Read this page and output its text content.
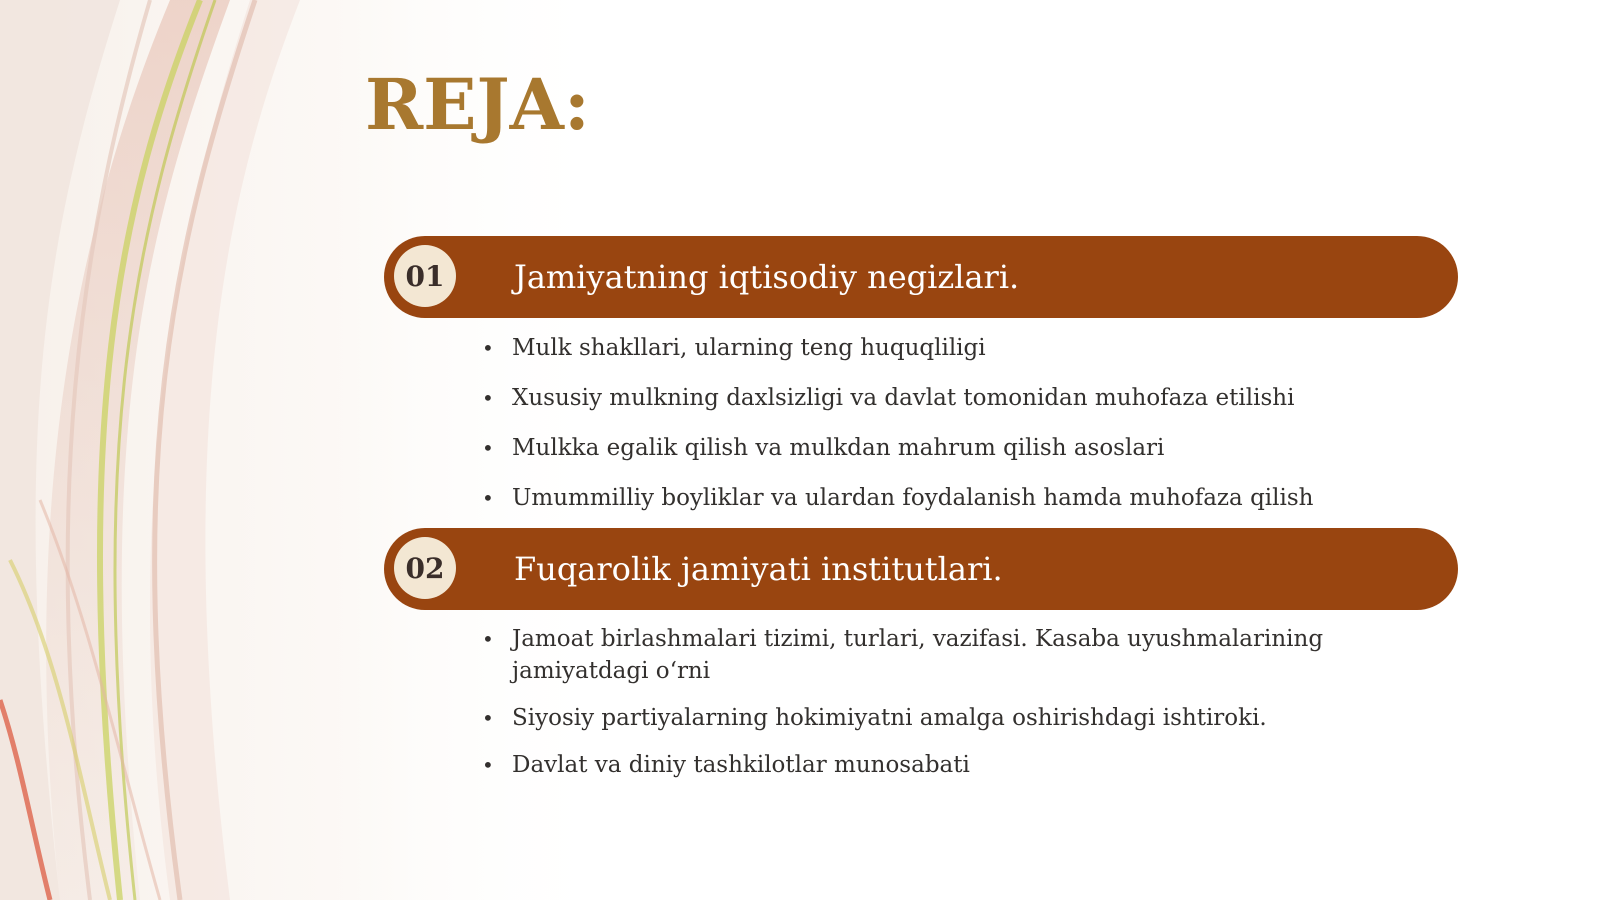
REJA:
01	Jamiyatning iqtisodiy negizlari.
• Mulk shakllari, ularning teng huquqliligi
• Xususiy mulkning daxlsizligi va davlat tomonidan muhofaza etilishi
• Mulkka egalik qilish va mulkdan mahrum qilish asoslari
• Umummilliy boyliklar va ulardan foydalanish hamda muhofaza qilish
02	Fuqarolik jamiyati institutlari.
• Jamoat birlashmalari tizimi, turlari, vazifasi. Kasaba uyushmalarining jamiyatdagi o‘rni
• Siyosiy partiyalarning hokimiyatni amalga oshirishdagi ishtiroki.
• Davlat va diniy tashkilotlar munosabati
